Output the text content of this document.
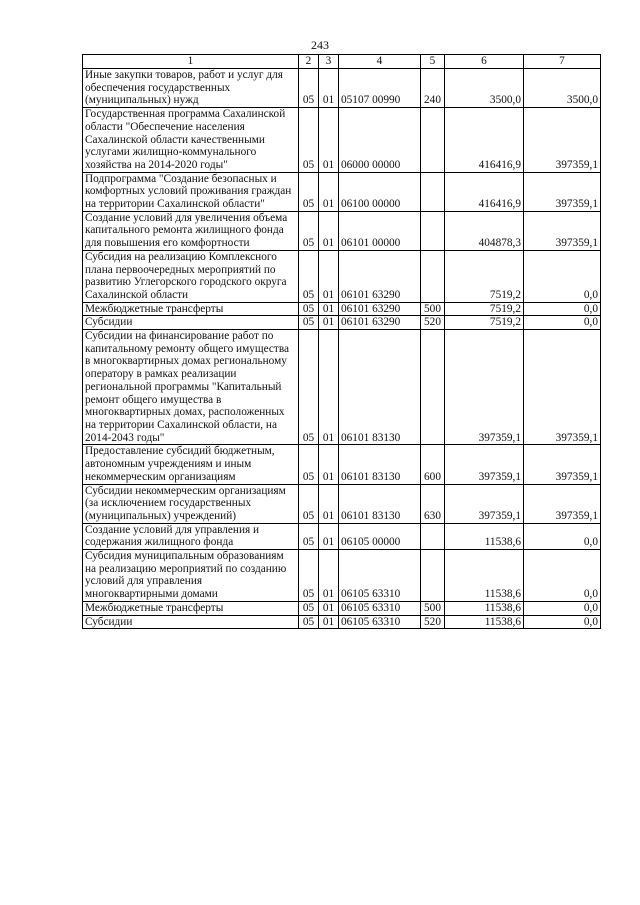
243
1	2	3	4	5	6	7
Иные закупки товаров, работ и услуг для обеспечения государственных (муниципальных) нужд	05	01	05107 00990	240	3500,0	3500,0
Государственная программа Сахалинской области "Обеспечение населения Сахалинской области качественными услугами жилищно-коммунального хозяйства на 2014-2020 годы"	05	01	06000 00000		416416,9	397359,1
Подпрограмма "Создание безопасных и комфортных условий проживания граждан на территории Сахалинской области"	05	01	06100 00000		416416,9	397359,1
Создание условий для увеличения объема капитального ремонта жилищного фонда для повышения его комфортности	05	01	06101 00000		404878,3	397359,1
Субсидия на реализацию Комплексного плана первоочередных мероприятий по развитию Углегорского городского округа Сахалинской области	05	01	06101 63290		7519,2	0,0
Межбюджетные трансферты	05	01	06101 63290	500	7519,2	0,0
Субсидии	05	01	06101 63290	520	7519,2	0,0
Субсидии на финансирование работ по капитальному ремонту общего имущества в многоквартирных домах региональному оператору в рамках реализации региональной программы "Капитальный ремонт общего имущества в многоквартирных домах, расположенных на территории Сахалинской области, на 2014-2043 годы"	05	01	06101 83130		397359,1	397359,1
Предоставление субсидий бюджетным, автономным учреждениям и иным некоммерческим организациям	05	01	06101 83130	600	397359,1	397359,1
Субсидии некоммерческим организациям (за исключением государственных (муниципальных) учреждений)	05	01	06101 83130	630	397359,1	397359,1
Создание условий для управления и содержания жилищного фонда	05	01	06105 00000		11538,6	0,0
Субсидия муниципальным образованиям на реализацию мероприятий по созданию условий для управления многоквартирными домами	05	01	06105 63310		11538,6	0,0
Межбюджетные трансферты	05	01	06105 63310	500	11538,6	0,0
Субсидии	05	01	06105 63310	520	11538,6	0,0
